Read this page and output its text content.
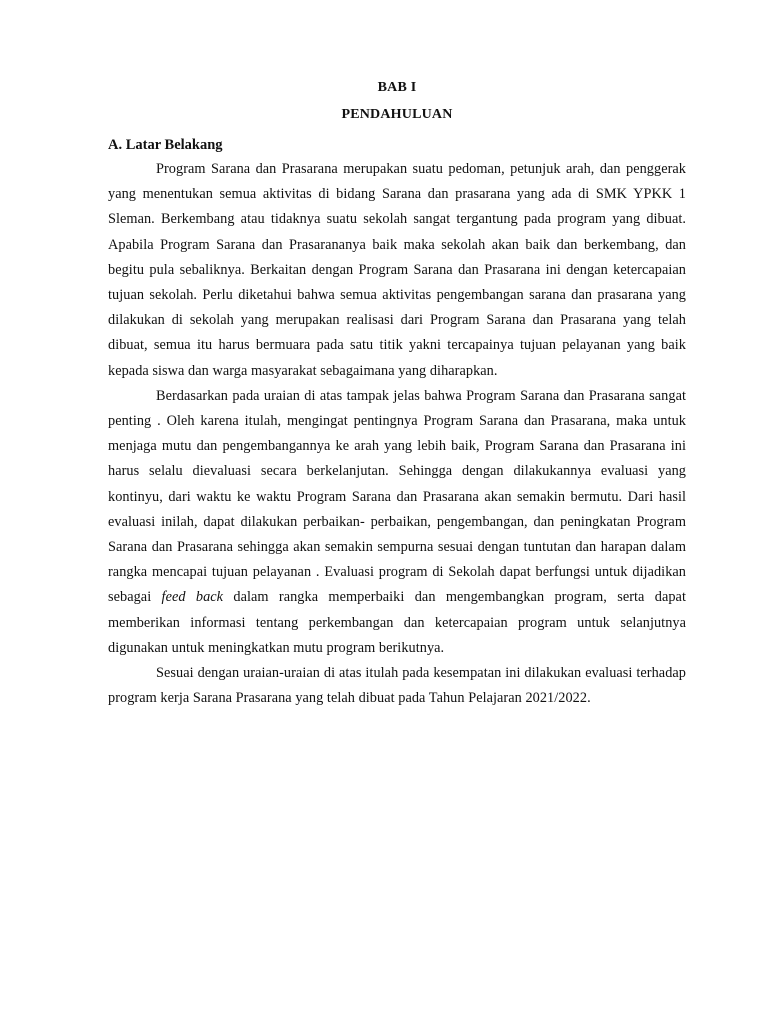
BAB I

PENDAHULUAN

A. Latar Belakang

Program Sarana dan Prasarana merupakan suatu pedoman, petunjuk arah, dan penggerak yang menentukan semua aktivitas di bidang Sarana dan prasarana yang ada di SMK YPKK 1 Sleman. Berkembang atau tidaknya suatu sekolah sangat tergantung pada program yang dibuat. Apabila Program Sarana dan Prasarananya baik maka sekolah akan baik dan berkembang, dan begitu pula sebaliknya. Berkaitan dengan Program Sarana dan Prasarana ini dengan ketercapaian tujuan sekolah. Perlu diketahui bahwa semua aktivitas pengembangan sarana dan prasarana yang dilakukan di sekolah yang merupakan realisasi dari Program Sarana dan Prasarana yang telah dibuat, semua itu harus bermuara pada satu titik yakni tercapainya tujuan pelayanan yang baik kepada siswa dan warga masyarakat sebagaimana yang diharapkan.

Berdasarkan pada uraian di atas tampak jelas bahwa Program Sarana dan Prasarana sangat penting . Oleh karena itulah, mengingat pentingnya Program Sarana dan Prasarana, maka untuk menjaga mutu dan pengembangannya ke arah yang lebih baik, Program Sarana dan Prasarana ini harus selalu dievaluasi secara berkelanjutan. Sehingga dengan dilakukannya evaluasi yang kontinyu, dari waktu ke waktu Program Sarana dan Prasarana akan semakin bermutu. Dari hasil evaluasi inilah, dapat dilakukan perbaikan- perbaikan, pengembangan, dan peningkatan Program Sarana dan Prasarana sehingga akan semakin sempurna sesuai dengan tuntutan dan harapan dalam rangka mencapai tujuan pelayanan . Evaluasi program di Sekolah dapat berfungsi untuk dijadikan sebagai feed back dalam rangka memperbaiki dan mengembangkan program, serta dapat memberikan informasi tentang perkembangan dan ketercapaian program untuk selanjutnya digunakan untuk meningkatkan mutu program berikutnya.

Sesuai dengan uraian-uraian di atas itulah pada kesempatan ini dilakukan evaluasi terhadap program kerja Sarana Prasarana yang telah dibuat pada Tahun Pelajaran 2021/2022.
